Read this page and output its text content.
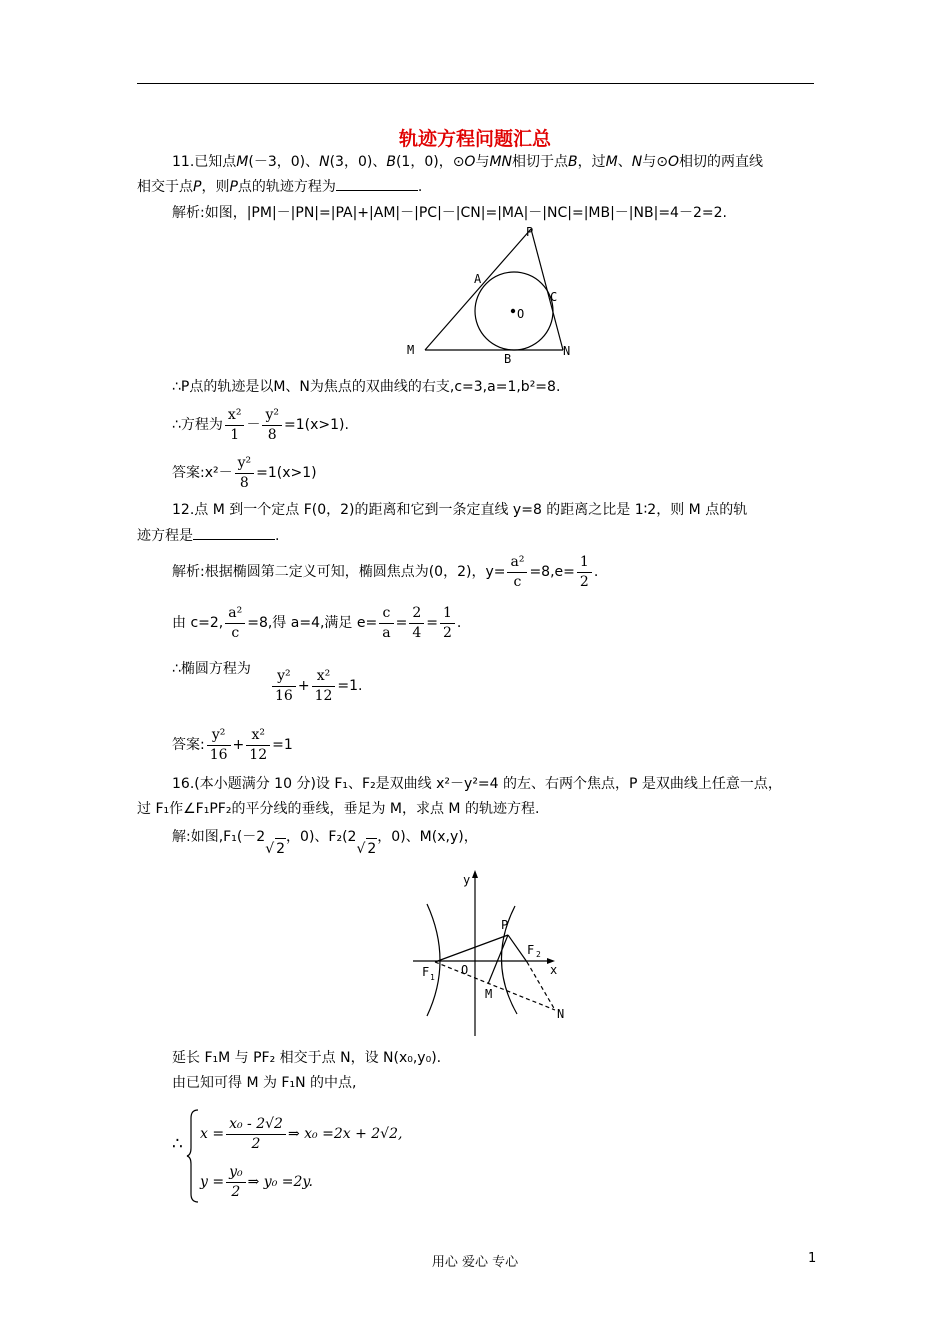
轨迹方程问题汇总
11.已知点M(－3，0)、N(3，0)、B(1，0)，⊙O与MN相切于点B，过M、N与⊙O相切的两直线
相交于点P，则P点的轨迹方程为	.
解析:如图，|PM|－|PN|=|PA|+|AM|－|PC|－|CN|=|MA|－|NC|=|MB|－|NB|=4－2=2.
P
A
C
O
M
B
N
∴P点的轨迹是以M、N为焦点的双曲线的右支,c=3,a=1,b²=8.
∴方程为 $\frac{\text{x²}}{1} - \frac{\text{y²}}{8} =1(x>1)$.
答案:x²－ $\frac{\text{y²}}{8} =1(x>1)$
12.点 M 到一个定点 F(0，2)的距离和它到一条定直线 y=8 的距离之比是 1∶2，则 M 点的轨
迹方程是	.
解析:根据椭圆第二定义可知，椭圆焦点为(0，2)，$y= \frac{\text{a²}}{c} =8,e= \frac{1}{2}$ .
由 c=2, $\frac{\text{a²}}{c} =8$,得 a=4,满足 $e= \frac{c}{a} = \frac{2}{4} = \frac{1}{2}$ .
∴椭圆方程为 $\frac{\text{y²}}{16} + \frac{\text{x²}}{12} =1$.
答案: $\frac{\text{y²}}{16} + \frac{\text{x²}}{12} =1$
16.(本小题满分 10 分)设 F₁、F₂是双曲线 x²－y²=4 的左、右两个焦点，P 是双曲线上任意一点，
过 F₁作∠F₁PF₂的平分线的垂线，垂足为 M，求点 M 的轨迹方程.
解:如图,F₁(－2√ 2，0)、F₂(2√ 2，0)、M(x,y)，
y
P
F 2
x
F 1
O
M
N
延长 F₁M 与 PF₂ 相交于点 N，设 N(x₀,y₀).
由已知可得 M 为 F₁N 的中点,
∴ $x = \frac{\text{x₀ - 2√2}}{2}$ ⇒ x₀ =2x + 2√2,
$y = \frac{\text{y₀}}{2}$ ⇒ y₀ =2y.
用心 爱心 专心	1
